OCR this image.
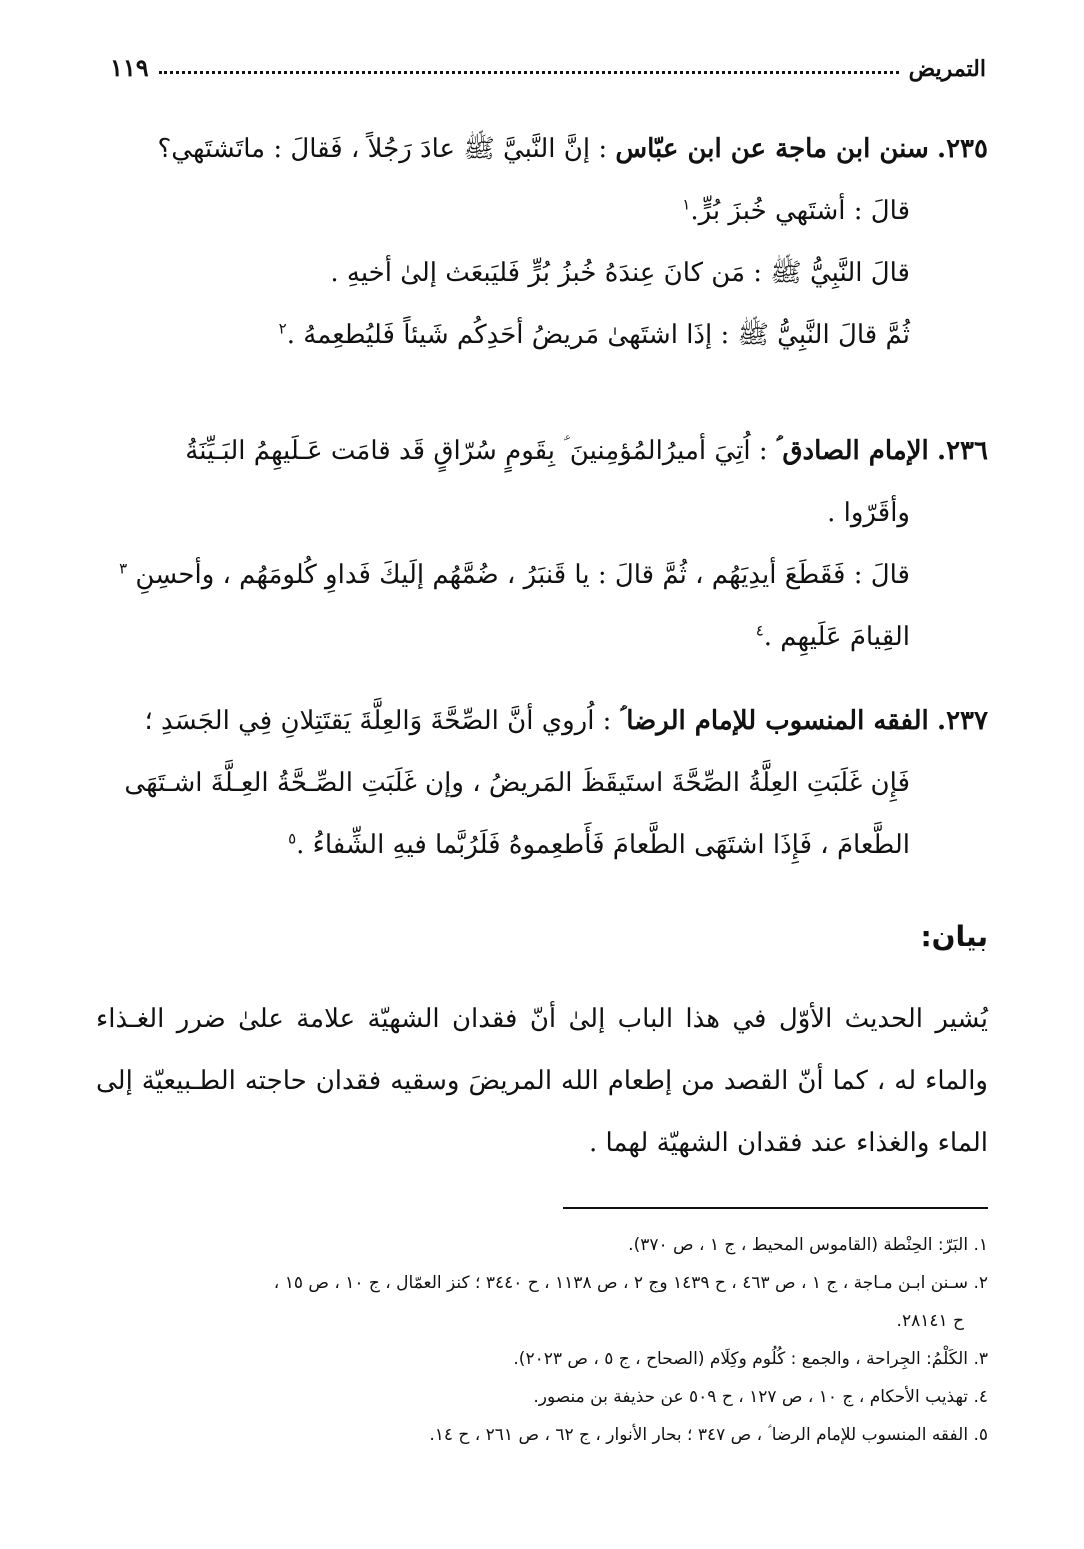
التمريض
١١٩
٢٣٥. سنن ابن ماجة عن ابن عبّاس : إنَّ النَّبيَّ ﷺ عادَ رَجُلاً ، فَقالَ : ماتَشتَهي؟
قالَ : أشتَهي خُبزَ بُرٍّ.$^١$
قالَ النَّبِيُّ ﷺ : مَن كانَ عِندَهُ خُبزُ بُرٍّ فَليَبعَث إلىٰ أخيهِ .
ثُمَّ قالَ النَّبِيُّ ﷺ : إذَا اشتَهىٰ مَريضُ أحَدِكُم شَيئاً فَليُطعِمهُ .$^٢$
٢٣٦. الإمام الصادق ؑ : اُتِيَ أميرُالمُؤمِنينَ ؑ بِقَومٍ سُرّاقٍ قَد قامَت عَـلَيهِمُ البَـيِّنَةُ
وأقَرّوا .
قالَ : فَقَطَعَ أيدِيَهُم ، ثُمَّ قالَ : يا قَنبَرُ ، ضُمَّهُم إلَيكَ فَداوِ كُلومَهُم ، وأحسِنِ $^٣$
القِيامَ عَلَيهِم .$^٤$
٢٣٧. الفقه المنسوب للإمام الرضا ؑ : اُروي أنَّ الصِّحَّةَ وَالعِلَّةَ يَقتَتِلانِ فِي الجَسَدِ ؛
فَإِن غَلَبَتِ العِلَّةُ الصِّحَّةَ استَيقَظَ المَريضُ ، وإن غَلَبَتِ الصِّـحَّةُ العِـلَّةَ اشـتَهَى
الطَّعامَ ، فَإِذَا اشتَهَى الطَّعامَ فَأَطعِموهُ فَلَرُبَّما فيهِ الشِّفاءُ .$^٥$
بيان:
يُشير الحديث الأوّل في هذا الباب إلىٰ أنّ فقدان الشهيّة علامة علىٰ ضرر الغـذاء والماء له ، كما أنّ القصد من إطعام الله المريضَ وسقيه فقدان حاجته الطـبيعيّة إلى الماء والغذاء عند فقدان الشهيّة لهما .
١. البَرّ: الحِنْطة (القاموس المحيط ، ج ١ ، ص ٣٧٠).
٢. سـنن ابـن مـاجة ، ج ١ ، ص ٤٦٣ ، ح ١٤٣٩ وج ٢ ، ص ١١٣٨ ، ح ٣٤٤٠ ؛ كنز العمّال ، ج ١٠ ، ص ١٥ ،
ح ٢٨١٤١.
٣. الكَلْمُ: الجِراحة ، والجمع : كُلُوم وكِلَام (الصحاح ، ج ٥ ، ص ٢٠٢٣).
٤. تهذيب الأحكام ، ج ١٠ ، ص ١٢٧ ، ح ٥٠٩ عن حذيفة بن منصور.
٥. الفقه المنسوب للإمام الرضا ؑ ، ص ٣٤٧ ؛ بحار الأنوار ، ج ٦٢ ، ص ٢٦١ ، ح ١٤.
